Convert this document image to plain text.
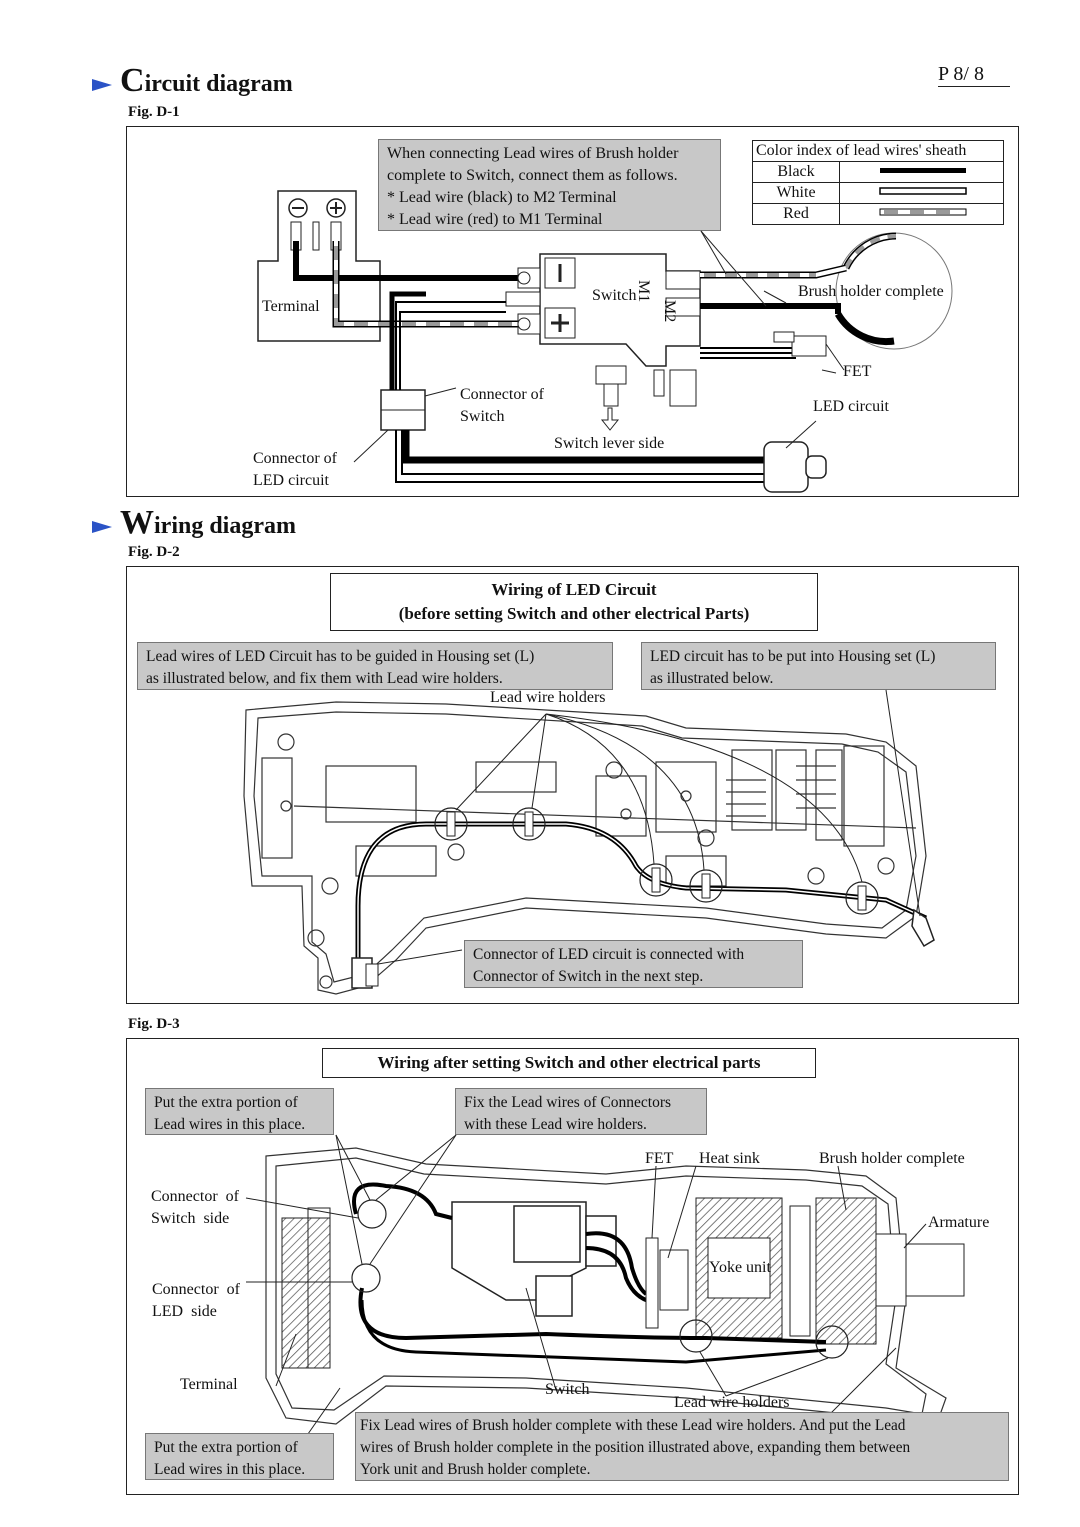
P 8/ 8
Circuit diagram
Fig. D-1
When connecting Lead wires of Brush holder
complete to Switch, connect them as follows.
* Lead wire (black) to M2 Terminal
* Lead wire (red) to M1 Terminal
Color index of lead wires' sheath	
Black	
White	
Red	
Terminal
Switch
M1
M2
Brush holder complete
FET
Connector of
Switch
LED circuit
Switch lever side
Connector of
LED circuit
Wiring diagram
Fig. D-2
Wiring of LED Circuit
(before setting Switch and other electrical Parts)
Lead wires of LED Circuit has to be guided in Housing set (L)
as illustrated below, and fix them with Lead wire holders.
LED circuit has to be put into Housing set (L)
as illustrated below.
Lead wire holders
Connector of LED circuit is connected with
Connector of Switch in the next step.
Fig. D-3
Wiring after setting Switch and other electrical parts
Put the extra portion of
Lead wires in this place.
Fix the Lead wires of Connectors
with these Lead wire holders.
FET Heat sink	Brush holder complete
Connector  of
Switch  side	Armature
Yoke unit
Connector  of
LED  side
Terminal	Switch
Lead wire holders
Put the extra portion of
Lead wires in this place.
Fix Lead wires of Brush holder complete with these Lead wire holders. And put the Lead
wires of Brush holder complete in the position illustrated above, expanding them between
York unit and Brush holder complete.
